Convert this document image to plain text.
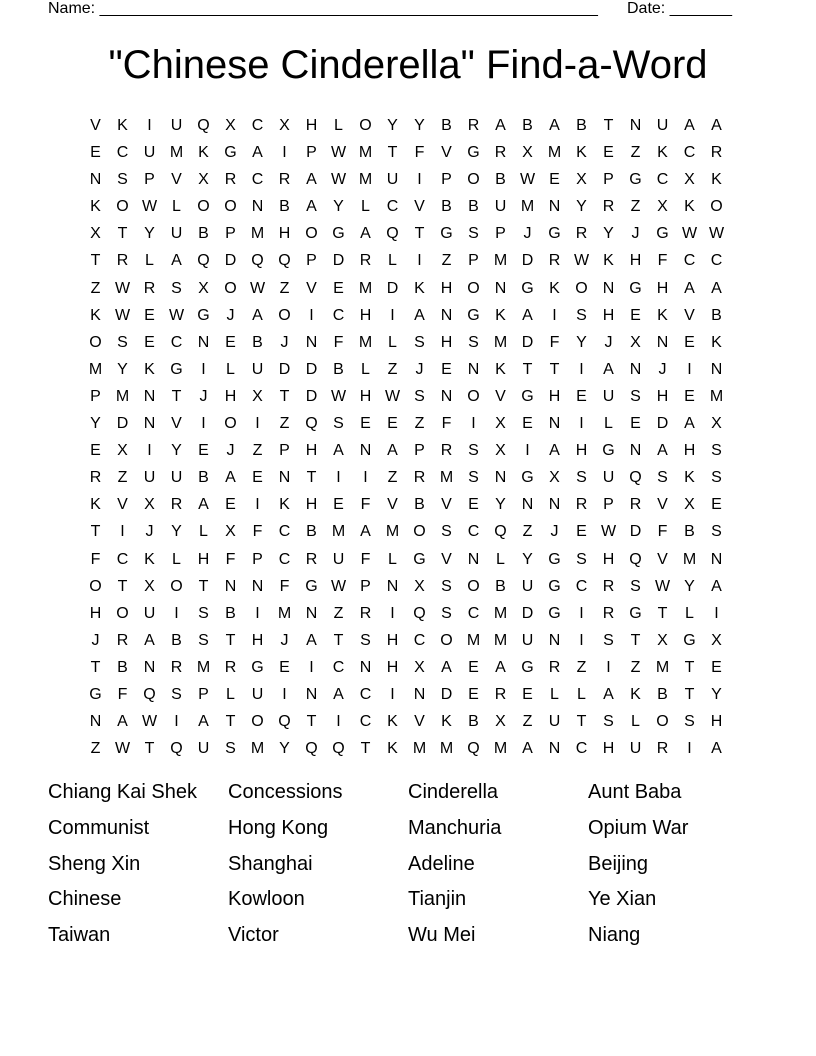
Name: ________________________________________________________ Date: _______
"Chinese Cinderella" Find-a-Word
V	K	I	U Q X C X H	L	O Y	Y	B R A	B	A	B	T	N U A	A
E C U M K G A	I	P W M T	F	V G R X M K	E	Z	K C R
N S	P	V	X R C R A W M U	I	P O B W E	X	P G C X	K
K O W L	O O N B	A	Y	L	C V	B	B U M N Y R	Z	X	K O
X	T	Y U B	P M H O G A Q T G S	P	J	G R Y	J	G W W
T	R	L	A Q D Q Q P D R	L	I	Z	P M D R W K H	F	C C
Z W R S	X O W Z	V	E M D K H O N G K O N G H A	A
K W E W G	J	A O	I	C H	I	A N G K	A	I	S H E	K	V	B
O S	E C N E	B	J	N	F M L	S H S M D	F	Y	J	X N E	K
M Y	K G	I	L	U D D B	L	Z	J	E N K	T	T	I	A N	J	I	N
P M N	T	J	H X	T	D W H W S N O V G H E U S H E M
Y D N V	I	O	I	Z Q S	E	E	Z	F	I	X	E N	I	L	E D A	X
E	X	I	Y	E	J	Z	P H A N A	P R S	X	I	A H G N A H S
R	Z	U U B	A	E N	T	I	I	Z	R M S N G X	S U Q S	K	S
K	V	X R A	E	I	K H E	F	V	B	V	E	Y N N R P R V	X	E
T	I	J	Y	L	X	F	C B M A M O S C Q Z	J	E W D	F	B	S
F	C K	L	H	F	P C R U	F	L	G V N	L	Y G S H Q V M N
O T	X O T	N N	F G W P N X	S O B U G C R S W Y	A
H O U	I	S	B	I	M N	Z	R	I	Q S C M D G	I	R G T	L	I
J	R A	B	S	T	H	J	A	T	S H C O M M U N	I	S	T	X G X
T	B N R M R G E	I	C N H X	A	E	A G R	Z	I	Z M T	E
G F Q S	P	L	U	I	N A C	I	N D E R E	L	L	A	K	B	T	Y
N A W	I	A	T O Q T	I	C K	V	K	B	X	Z	U	T	S	L	O S H
Z W T Q U S M Y Q Q T	K M M Q M A N C H U R	I	A
Chiang Kai Shek	Concessions	Cinderella	Aunt Baba
Communist	Hong Kong	Manchuria	Opium War
Sheng Xin	Shanghai	Adeline	Beijing
Chinese	Kowloon	Tianjin	Ye Xian
Taiwan	Victor	Wu Mei	Niang
